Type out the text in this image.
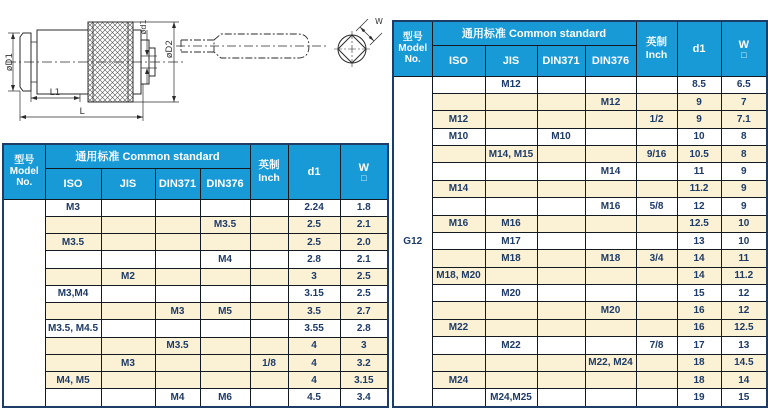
øD1
øD2
ød1
L1
L
W
型号
Model
No.
	通用标准 Common standard	
英制
Inch	d1	W
□

	ISO	JIS	DIN371	DIN376			
	M3					2.24	1.8
				M3.5		2.5	2.1
	M3.5					2.5	2.0
				M4		2.8	2.1
		M2				3	2.5
	M3,M4					3.15	2.5
			M3	M5		3.5	2.7
	M3.5, M4.5					3.55	2.8
			M3.5			4	3
		M3			1/8	4	3.2
	M4, M5					4	3.15
			M4	M6		4.5	3.4
型号
Model
No.
	通用标准 Common standard	
英制
Inch	d1	W
□

	ISO	JIS	DIN371	DIN376			
G12		M12				8.5	6.5
				M12		9	7
	M12				1/2	9	7.1
	M10		M10			10	8
		M14, M15			9/16	10.5	8
				M14		11	9
	M14					11.2	9
				M16	5/8	12	9
	M16	M16				12.5	10
		M17				13	10
		M18		M18	3/4	14	11
	M18, M20					14	11.2
		M20				15	12
				M20		16	12
	M22					16	12.5
		M22			7/8	17	13
				M22, M24		18	14.5
	M24					18	14
		M24,M25				19	15
